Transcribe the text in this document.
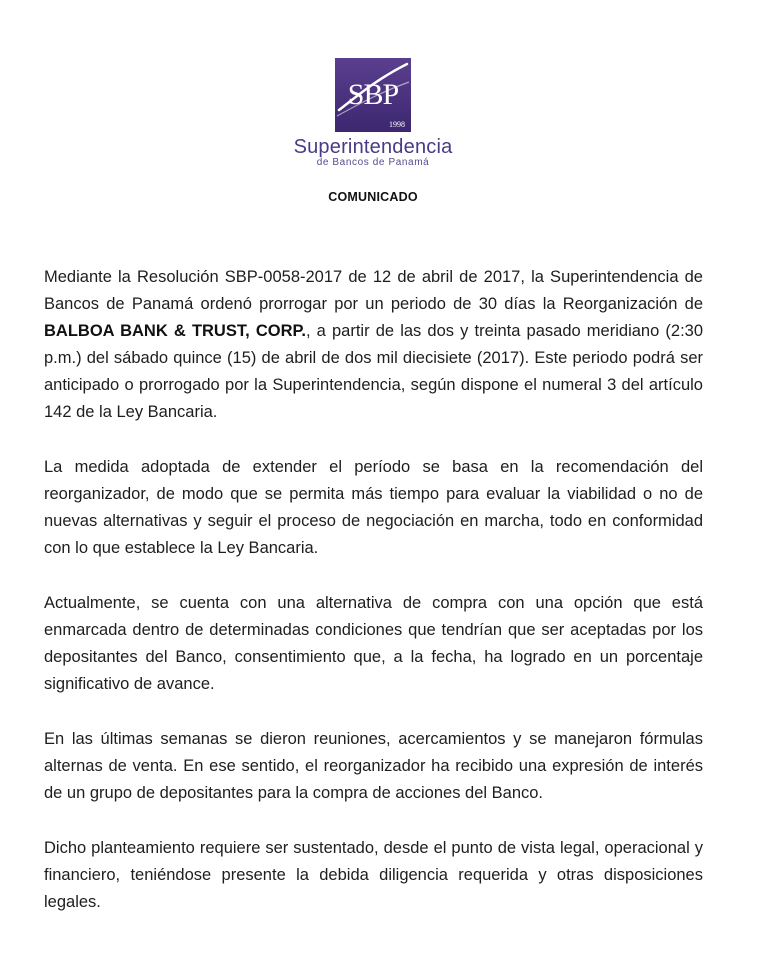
SBP
1998
Superintendencia
de Bancos de Panamá
COMUNICADO

Mediante la Resolución SBP-0058-2017 de 12 de abril de 2017, la Superintendencia de Bancos de Panamá ordenó prorrogar por un periodo de 30 días la Reorganización de BALBOA BANK & TRUST, CORP., a partir de las dos y treinta pasado meridiano (2:30 p.m.) del sábado quince (15) de abril de dos mil diecisiete (2017). Este periodo podrá ser anticipado o prorrogado por la Superintendencia, según dispone el numeral 3 del artículo 142 de la Ley Bancaria.

La medida adoptada de extender el período se basa en la recomendación del reorganizador, de modo que se permita más tiempo para evaluar la viabilidad o no de nuevas alternativas y seguir el proceso de negociación en marcha, todo en conformidad con lo que establece la Ley Bancaria.

Actualmente, se cuenta con una alternativa de compra con una opción que está enmarcada dentro de determinadas condiciones que tendrían que ser aceptadas por los depositantes del Banco, consentimiento que, a la fecha, ha logrado en un porcentaje significativo de avance.

En las últimas semanas se dieron reuniones, acercamientos y se manejaron fórmulas alternas de venta. En ese sentido, el reorganizador ha recibido una expresión de interés de un grupo de depositantes para la compra de acciones del Banco.

Dicho planteamiento requiere ser sustentado, desde el punto de vista legal, operacional y financiero, teniéndose presente la debida diligencia requerida y otras disposiciones legales.
